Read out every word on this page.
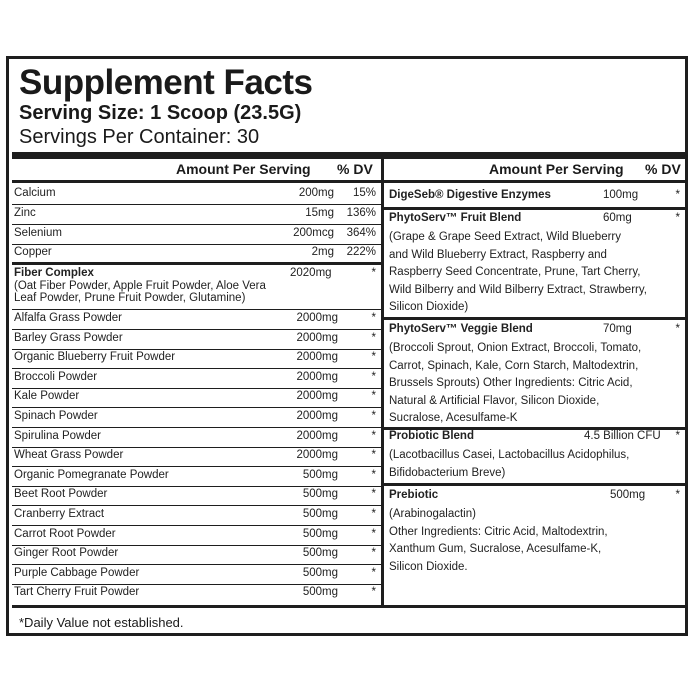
Supplement Facts
Serving Size: 1 Scoop (23.5G)
Servings Per Container: 30
Amount Per Serving % DV	Amount Per Serving % DV
Calcium	200mg 15%
Zinc	15mg 136%
Selenium	200mcg 364%
Copper	2mg 222%
Fiber Complex	2020mg	*
(Oat Fiber Powder, Apple Fruit Powder, Aloe Vera
Leaf Powder, Prune Fruit Powder, Glutamine)
Alfalfa Grass Powder	2000mg	*
Barley Grass Powder	2000mg	*
Organic Blueberry Fruit Powder	2000mg	*
Broccoli Powder	2000mg	*
Kale Powder	2000mg	*
Spinach Powder	2000mg	*
Spirulina Powder	2000mg	*
Wheat Grass Powder	2000mg	*
Organic Pomegranate Powder	500mg	*
Beet Root Powder	500mg	*
Cranberry Extract	500mg	*
Carrot Root Powder	500mg	*
Ginger Root Powder	500mg	*
Purple Cabbage Powder	500mg	*
Tart Cherry Fruit Powder	500mg	*
DigeSeb® Digestive Enzymes	100mg	*
PhytoServ™ Fruit Blend	60mg	*
(Grape & Grape Seed Extract, Wild Blueberry
and Wild Blueberry Extract, Raspberry and
Raspberry Seed Concentrate, Prune, Tart Cherry,
Wild Bilberry and Wild Bilberry Extract, Strawberry,
Silicon Dioxide)
PhytoServ™ Veggie Blend	70mg	*
(Broccoli Sprout, Onion Extract, Broccoli, Tomato,
Carrot, Spinach, Kale, Corn Starch, Maltodextrin,
Brussels Sprouts) Other Ingredients: Citric Acid,
Natural & Artificial Flavor, Silicon Dioxide,
Sucralose, Acesulfame-K
Probiotic Blend	4.5 Billion CFU *
(Lacotbacillus Casei, Lactobacillus Acidophilus,
Bifidobacterium Breve)
Prebiotic	500mg	*
(Arabinogalactin)
Other Ingredients: Citric Acid, Maltodextrin,
Xanthum Gum, Sucralose, Acesulfame-K,
Silicon Dioxide.
*Daily Value not established.
